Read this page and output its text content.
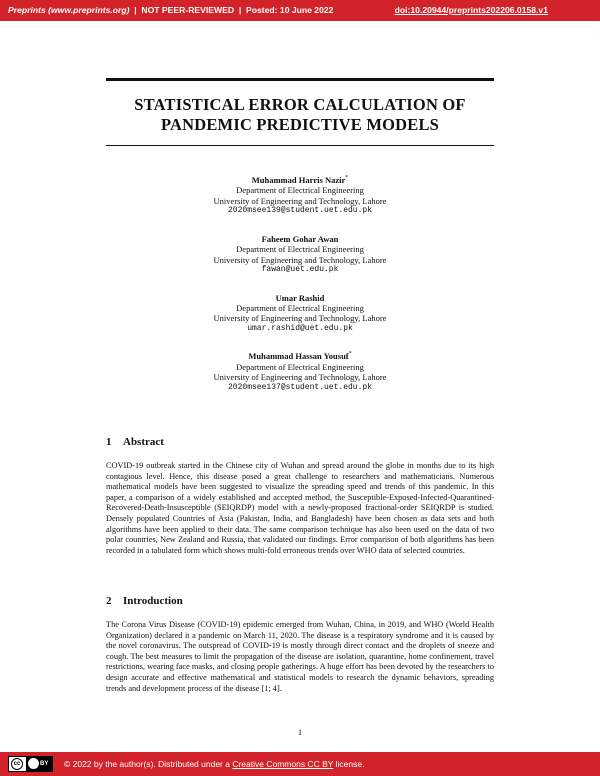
Preprints (www.preprints.org) | NOT PEER-REVIEWED | Posted: 10 June 2022	doi:10.20944/preprints202206.0158.v1
STATISTICAL ERROR CALCULATION OF
PANDEMIC PREDICTIVE MODELS
Muhammad Harris Nazir*
Department of Electrical Engineering
University of Engineering and Technology, Lahore
2020msee139@student.uet.edu.pk
Faheem Gohar Awan
Department of Electrical Engineering
University of Engineering and Technology, Lahore
fawan@uet.edu.pk
Umar Rashid
Department of Electrical Engineering
University of Engineering and Technology, Lahore
umar.rashid@uet.edu.pk
Muhammad Hassan Yousuf*
Department of Electrical Engineering
University of Engineering and Technology, Lahore
2020msee137@student.uet.edu.pk
1 Abstract
COVID-19 outbreak started in the Chinese city of Wuhan and spread around the globe in months due to its high contagious level. Hence, this disease posed a great challenge to researchers and mathematicians. Numerous mathematical models have been suggested to visualize the spreading speed and trends of this pandemic. In this paper, a comparison of a widely established and accepted method, the Susceptible-Exposed-Infected-Quarantined-Recovered-Death-Insusceptible (SEIQRDP) model with a newly-proposed fractional-order SEIQRDP is studied. Densely populated Countries of Asia (Pakistan, India, and Bangladesh) have been chosen as data sets and both algorithms have been applied to their data. The same comparison technique has also been used on the data of two polar countries, New Zealand and Russia, that validated our findings. Error comparison of both algorithms has been recorded in a tabulated form which shows multi-fold erroneous trends over WHO data of selected countries.
2 Introduction
The Corona Virus Disease (COVID-19) epidemic emerged from Wuhan, China, in 2019, and WHO (World Health Organization) declared it a pandemic on March 11, 2020. The disease is a respiratory syndrome and it is caused by the novel coronavirus. The outspread of COVID-19 is mostly through direct contact and the droplets of sneeze and cough. The best measures to limit the propagation of the disease are isolation, quarantine, home confinement, travel restrictions, wearing face masks, and closing people gatherings. A huge effort has been devoted by the researchers to design accurate and effective mathematical and statistical models to research the dynamic behaviors, spreading trends and development process of the disease [1; 4].
1
cc	BY © 2022 by the author(s). Distributed under a Creative Commons CC BY license.
